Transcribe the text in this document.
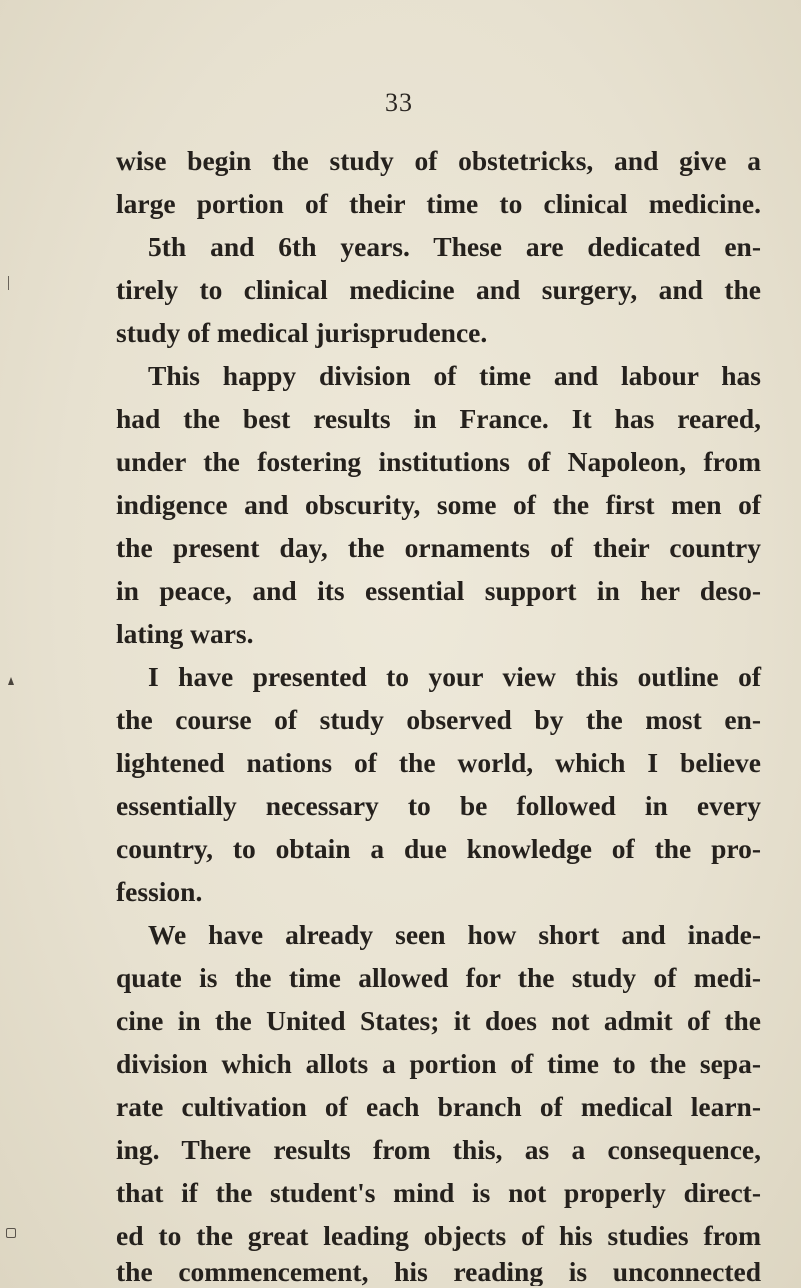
33
wise begin the study of obstetricks, and give a
large portion of their time to clinical medicine.
5th and 6th years. These are dedicated en-
tirely to clinical medicine and surgery, and the
study of medical jurisprudence.
This happy division of time and labour has
had the best results in France. It has reared,
under the fostering institutions of Napoleon, from
indigence and obscurity, some of the first men of
the present day, the ornaments of their country
in peace, and its essential support in her deso-
lating wars.
I have presented to your view this outline of
the course of study observed by the most en-
lightened nations of the world, which I believe
essentially necessary to be followed in every
country, to obtain a due knowledge of the pro-
fession.
We have already seen how short and inade-
quate is the time allowed for the study of medi-
cine in the United States; it does not admit of the
division which allots a portion of time to the sepa-
rate cultivation of each branch of medical learn-
ing. There results from this, as a consequence,
that if the student's mind is not properly direct-
ed to the great leading objects of his studies from
the commencement, his reading is unconnected
